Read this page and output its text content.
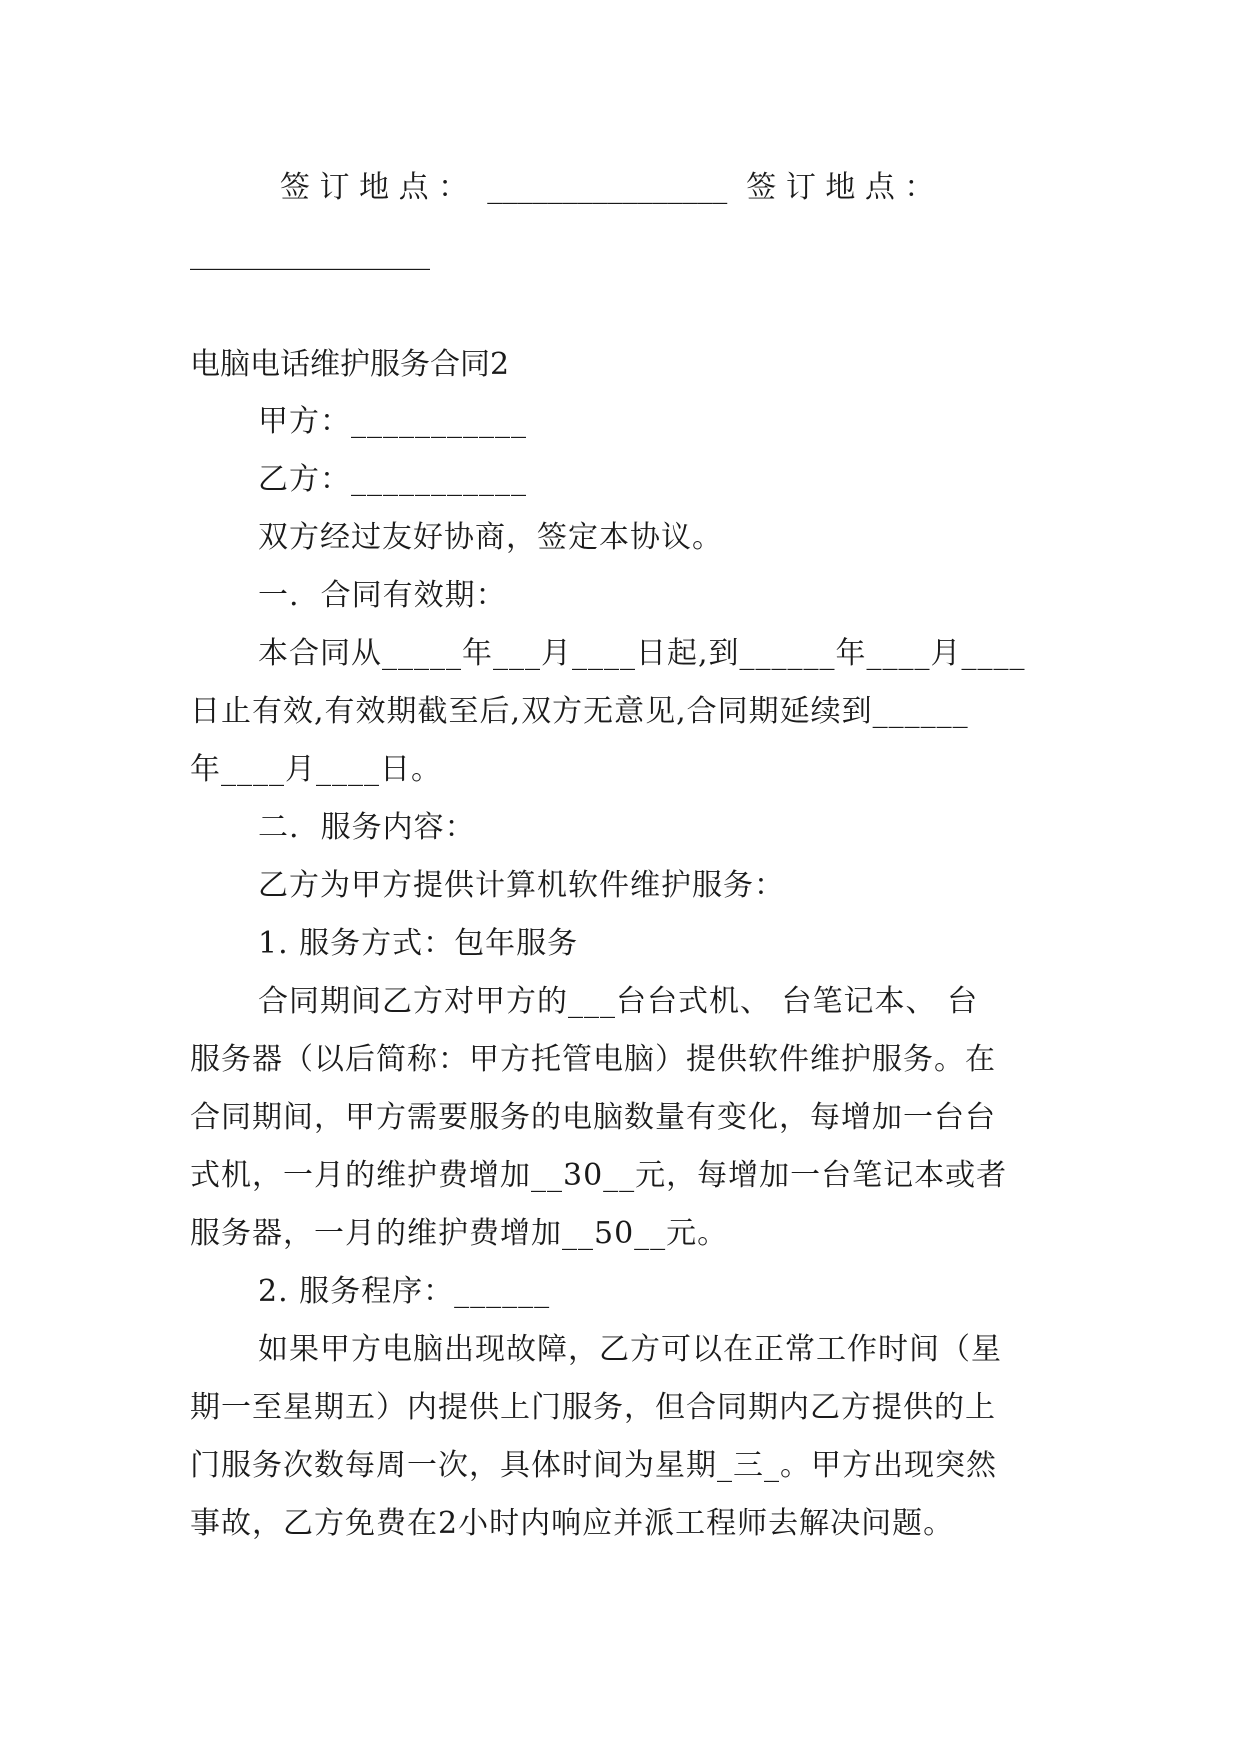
签 订 地 点 ：  ________________  签 订 地 点 ：
________________
电脑电话维护服务合同2
甲方：___________
乙方：___________
双方经过友好协商，签定本协议。
一.  合同有效期：
本合同从_____年___月____日起,到______年____月____
日止有效,有效期截至后,双方无意见,合同期延续到______
年____月____日。
二.  服务内容：
乙方为甲方提供计算机软件维护服务：
1. 服务方式：包年服务
合同期间乙方对甲方的___台台式机、 台笔记本、 台
服务器（以后简称：甲方托管电脑）提供软件维护服务。在
合同期间，甲方需要服务的电脑数量有变化，每增加一台台
式机，一月的维护费增加__30__元，每增加一台笔记本或者
服务器，一月的维护费增加__50__元。
2. 服务程序：______
如果甲方电脑出现故障，乙方可以在正常工作时间（星
期一至星期五）内提供上门服务，但合同期内乙方提供的上
门服务次数每周一次，具体时间为星期_三_。甲方出现突然
事故，乙方免费在2小时内响应并派工程师去解决问题。
